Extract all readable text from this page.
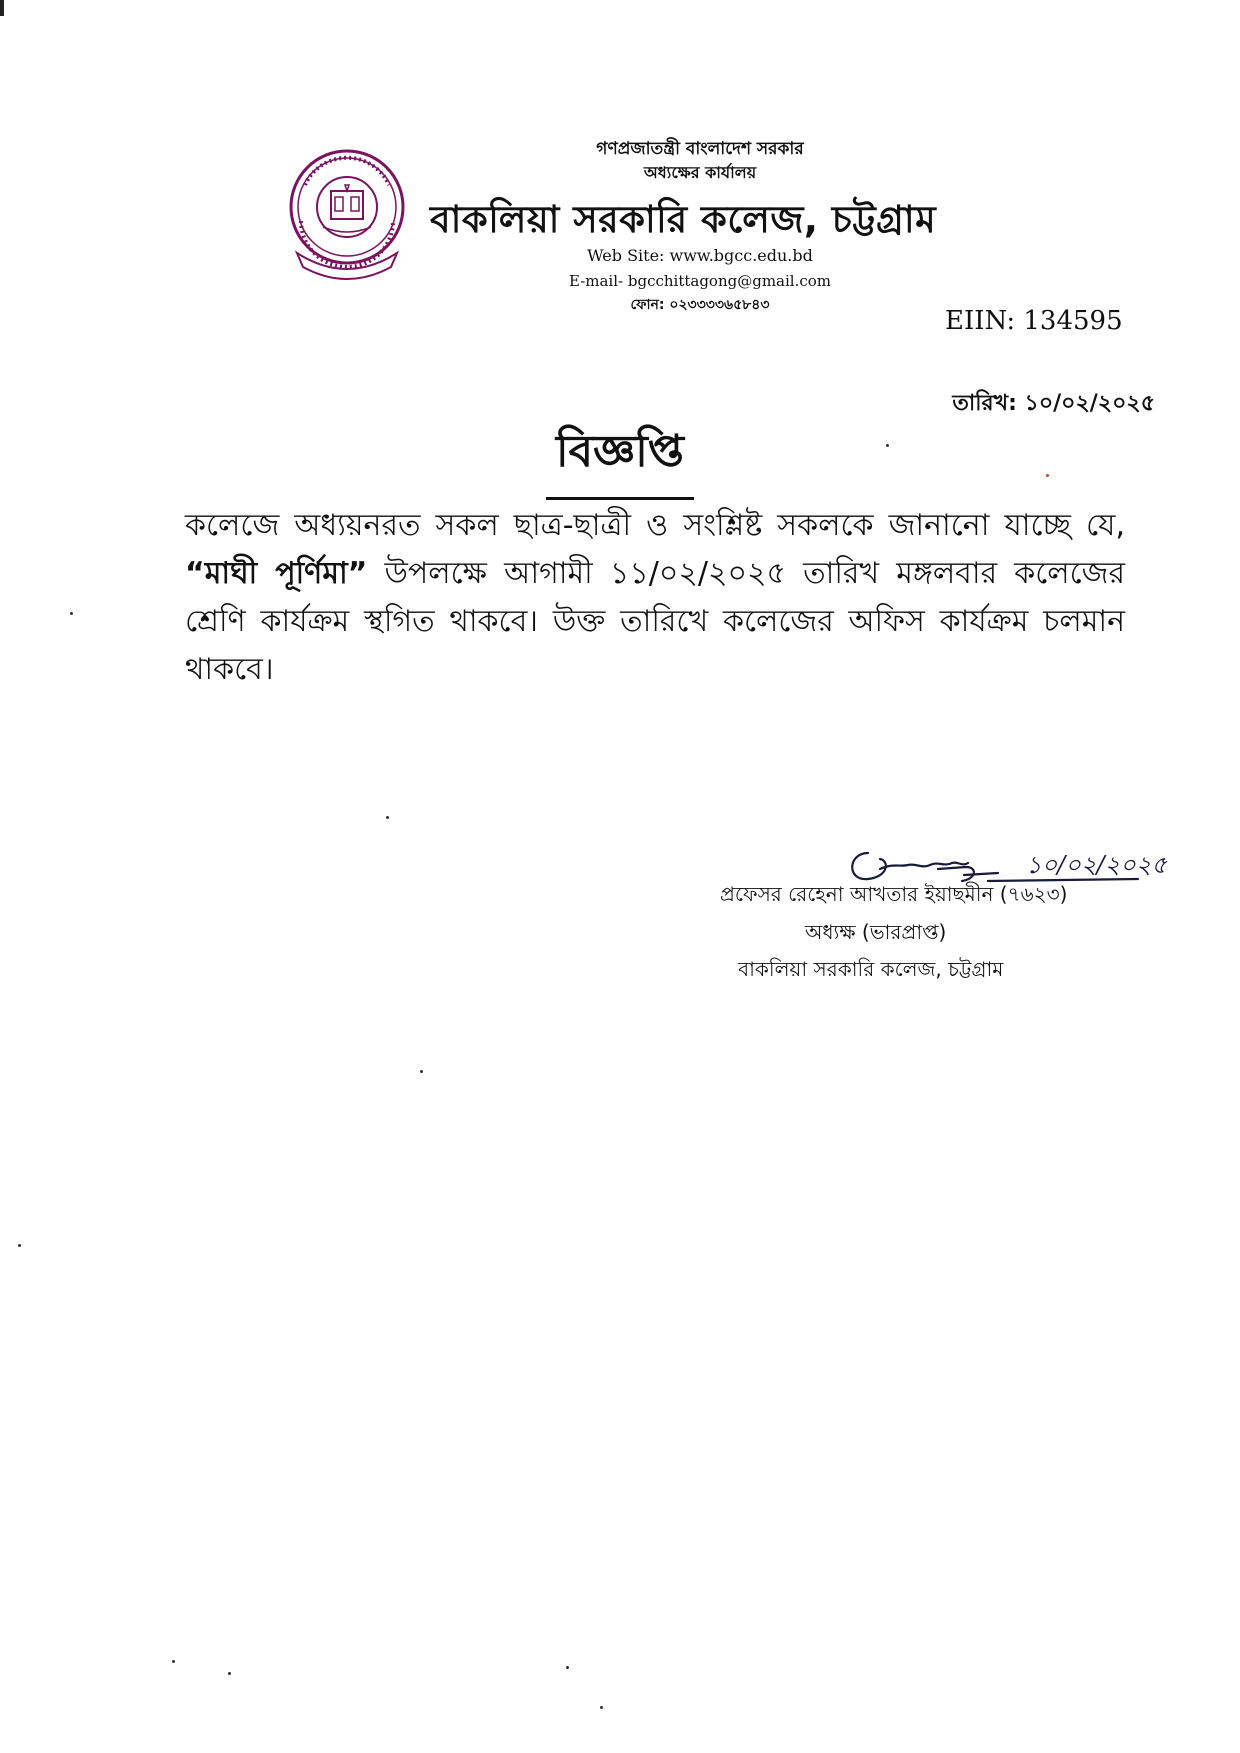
গণপ্রজাতন্ত্রী বাংলাদেশ সরকার
অধ্যক্ষের কার্যালয়
বাকলিয়া সরকারি কলেজ, চট্টগ্রাম
Web Site: www.bgcc.edu.bd
E-mail- bgcchittagong@gmail.com
ফোন: ০২৩৩৩৩৬৫৮৪৩
EIIN: 134595
তারিখ: ১০/০২/২০২৫
বিজ্ঞপ্তি
কলেজে অধ্যয়নরত সকল ছাত্র-ছাত্রী ও সংশ্লিষ্ট সকলকে জানানো যাচ্ছে যে,
“মাঘী পূর্ণিমা” উপলক্ষে আগামী ১১/০২/২০২৫ তারিখ মঙ্গলবার কলেজের
শ্রেণি কার্যক্রম স্থগিত থাকবে। উক্ত তারিখে কলেজের অফিস কার্যক্রম চলমান
থাকবে।
১০/০২/২০২৫
প্রফেসর রেহেনা আখতার ইয়াছমীন (৭৬২৩)
অধ্যক্ষ (ভারপ্রাপ্ত)
বাকলিয়া সরকারি কলেজ, চট্টগ্রাম
